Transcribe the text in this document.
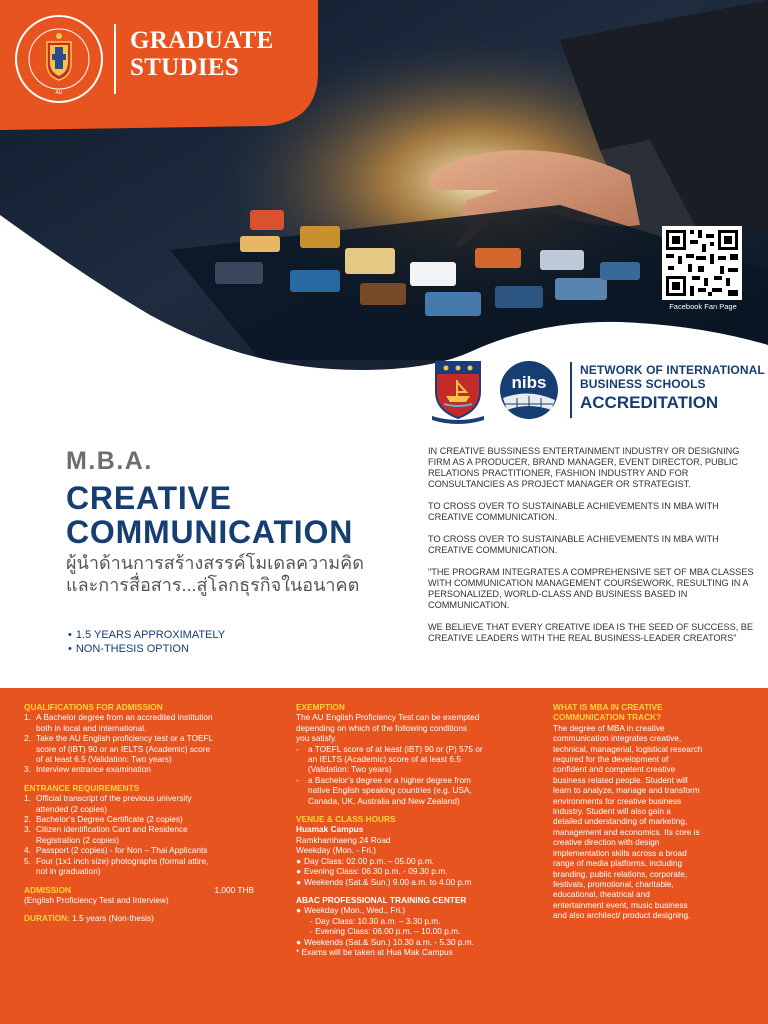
AU
GRADUATE
STUDIES
Facebook Fan Page
nibs
NETWORK OF INTERNATIONAL
BUSINESS SCHOOLS
ACCREDITATION
M.B.A.
CREATIVE
COMMUNICATION
ผู้นำด้านการสร้างสรรค์โมเดลความคิด
และการสื่อสาร...สู่โลกธุรกิจในอนาคต
• 1.5 YEARS APPROXIMATELY
• NON-THESIS OPTION

IN CREATIVE BUSSINESS ENTERTAINMENT INDUSTRY OR DESIGNING FIRM AS A PRODUCER, BRAND MANAGER, EVENT DIRECTOR, PUBLIC RELATIONS PRACTITIONER, FASHION INDUSTRY AND FOR CONSULTANCIES AS PROJECT MANAGER OR STRATEGIST.

TO CROSS OVER TO SUSTAINABLE ACHIEVEMENTS IN MBA WITH CREATIVE COMMUNICATION.

TO CROSS OVER TO SUSTAINABLE ACHIEVEMENTS IN MBA WITH CREATIVE COMMUNICATION.

"THE PROGRAM INTEGRATES A COMPREHENSIVE SET OF MBA CLASSES WITH COMMUNICATION MANAGEMENT COURSEWORK, RESULTING IN A PERSONALIZED, WORLD-CLASS AND BUSINESS BASED IN COMMUNICATION.

WE BELIEVE THAT EVERY CREATIVE IDEA IS THE SEED OF SUCCESS, BE CREATIVE LEADERS WITH THE REAL BUSINESS-LEADER CREATORS"

QUALIFICATIONS FOR ADMISSION
1. A Bachelor degree from an accredited institution
both in local and international.
2. Take the AU English proficiency test or a TOEFL
score of (iBT) 90 or an IELTS (Academic) score
of at least 6.5 (Validation: Two years)
3. Interview entrance examination
ENTRANCE REQUIREMENTS
1. Official transcript of the previous university
attended (2 copies)
2. Bachelor’s Degree Certificate (2 copies)
3. Citizen identification Card and Residence
Registration (2 copies)
4. Passport (2 copies) - for Non – Thai Applicants
5. Four (1x1 inch size) photographs (formal attire,
not in graduation)
ADMISSION	1,000 THB
(English Proficiency Test and Interview)
DURATION: 1.5 years (Non-thesis)
EXEMPTION
The AU English Proficiency Test can be exempted
depending on which of the following conditions
you satisfy.
-	a TOEFL score of at least (iBT) 90 or (P) 575 or
an IELTS (Academic) score of at least 6.5
(Validation: Two years)
-	a Bachelor’s degree or a higher degree from
native English speaking countries (e.g. USA,
Canada, UK, Australia and New Zealand)
VENUE & CLASS HOURS
Huamak Campus
Ramkhamhaeng 24 Road
Weekday (Mon. - Fri.)
● Day Class: 02.00 p.m. – 05.00 p.m.
● Evening Class: 06.30 p.m. - 09.30 p.m.
● Weekends (Sat.& Sun.) 9.00 a.m. to 4.00 p.m
ABAC PROFESSIONAL TRAINING CENTER
● Weekday (Mon., Wed., Fri.)
- Day Class: 10.30 a.m. – 3.30 p.m.
- Evening Class: 06.00 p.m. – 10.00 p.m.
● Weekends (Sat.& Sun.) 10.30 a.m. - 5.30 p.m.
* Exams will be taken at Hua Mak Campus
WHAT IS MBA IN CREATIVE
COMMUNICATION TRACK?
The degree of MBA in creative
communication integrates creative,
technical, managerial, logistical research
required for the development of
confident and competent creative
business related people. Student will
learn to analyze, manage and transform
environments for creative business
industry. Student will also gain a
detailed understanding of marketing,
management and economics. Its core is
creative direction with design
implementation skills across a broad
range of media platforms, including
branding, public relations, corporate,
festivals, promotional, charitable,
educational, theatrical and
entertainment event, music business
and also architect/ product designing.
